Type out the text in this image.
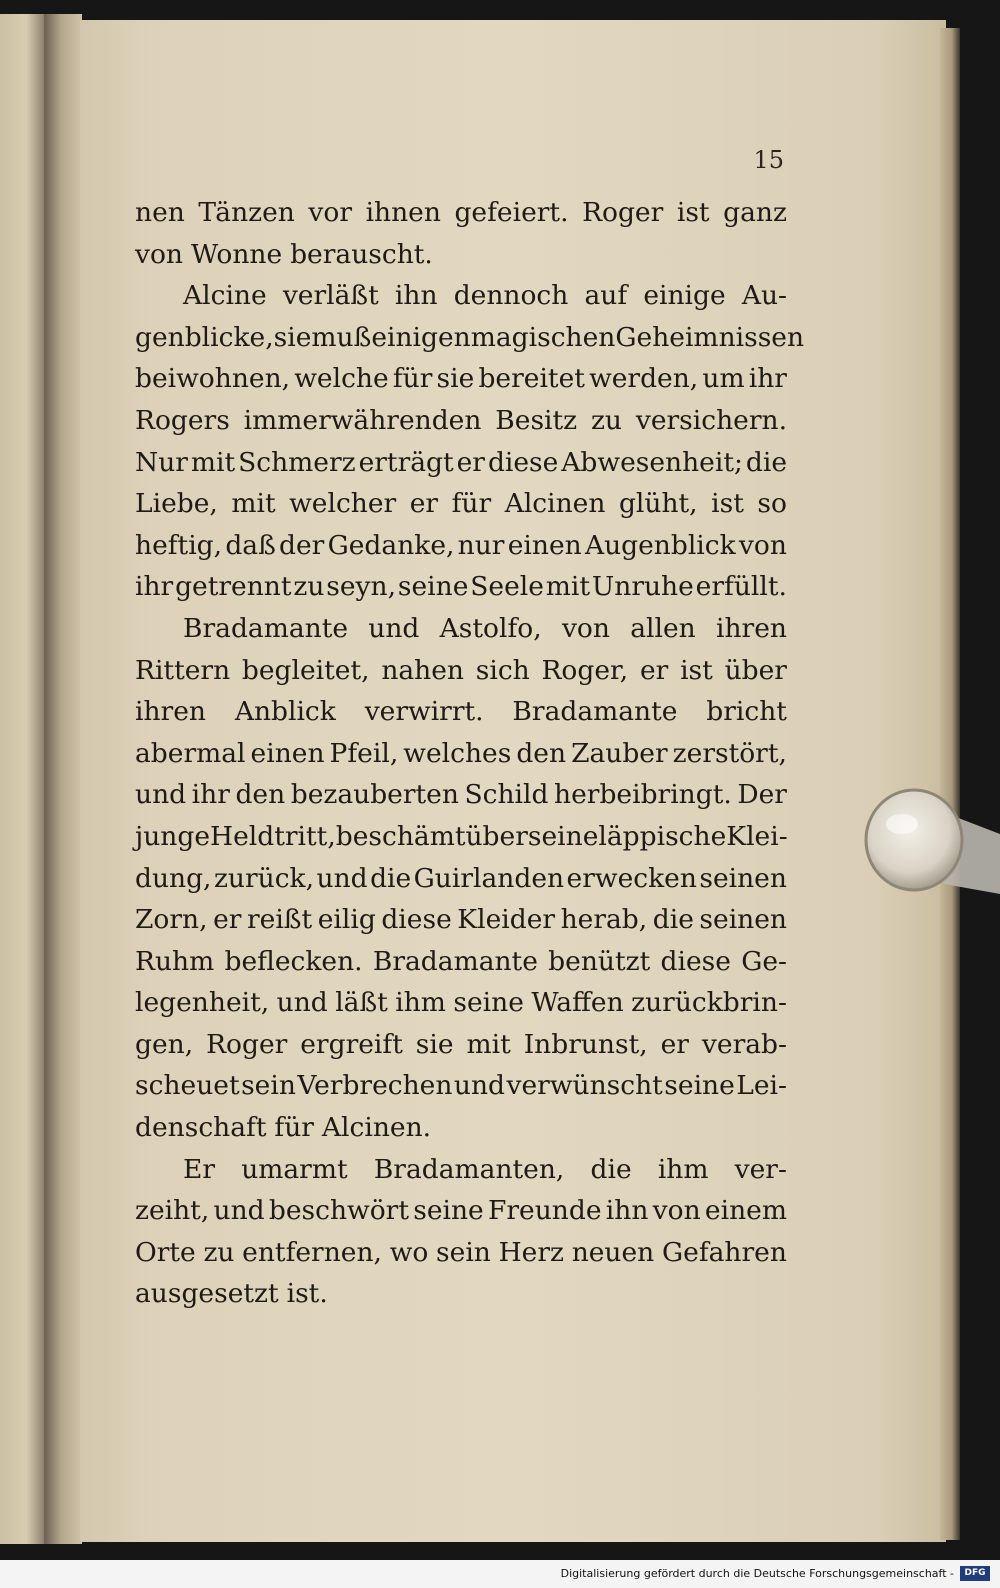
15
nen Tänzen vor ihnen gefeiert. Roger ist ganz
von Wonne berauscht.
Alcine verläßt ihn dennoch auf einige Au-
genblicke, sie muß einigen magischen Geheimnissen
beiwohnen, welche für sie bereitet werden, um ihr
Rogers immerwährenden Besitz zu versichern.
Nur mit Schmerz erträgt er diese Abwesenheit; die
Liebe, mit welcher er für Alcinen glüht, ist so
heftig, daß der Gedanke, nur einen Augenblick von
ihr getrennt zu seyn, seine Seele mit Unruhe erfüllt.
Bradamante und Astolfo, von allen ihren
Rittern begleitet, nahen sich Roger, er ist über
ihren Anblick verwirrt. Bradamante bricht
abermal einen Pfeil, welches den Zauber zerstört,
und ihr den bezauberten Schild herbeibringt. Der
junge Held tritt, beschämt über seine läppische Klei-
dung, zurück, und die Guirlanden erwecken seinen
Zorn, er reißt eilig diese Kleider herab, die seinen
Ruhm beflecken. Bradamante benützt diese Ge-
legenheit, und läßt ihm seine Waffen zurückbrin-
gen, Roger ergreift sie mit Inbrunst, er verab-
scheuet sein Verbrechen und verwünscht seine Lei-
denschaft für Alcinen.
Er umarmt Bradamanten, die ihm ver-
zeiht, und beschwört seine Freunde ihn von einem
Orte zu entfernen, wo sein Herz neuen Gefahren
ausgesetzt ist.
Digitalisierung gefördert durch die Deutsche Forschungsgemeinschaft -	DFG
